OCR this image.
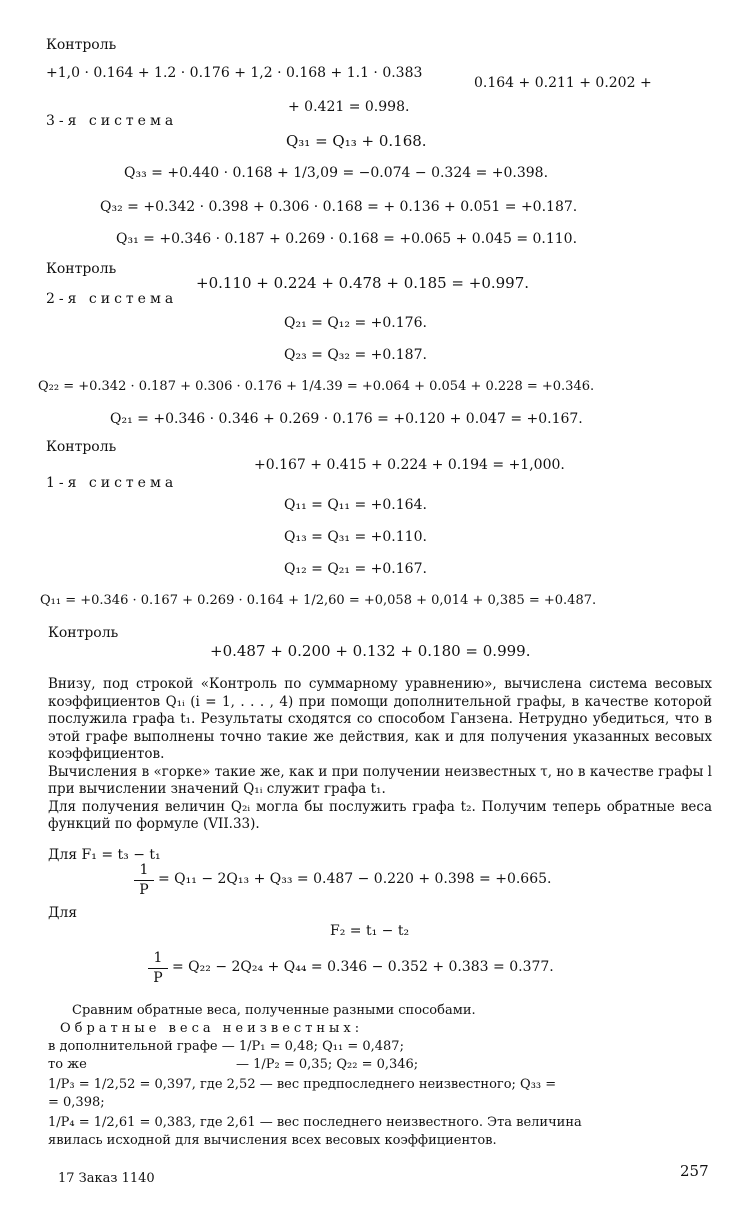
Контроль
+1,0 · 0.164 + 1.2 · 0.176 + 1,2 · 0.168 + 1.1 · 0.383
0.164 + 0.211 + 0.202 +
+ 0.421 = 0.998.
3-я система
Q₃₁ = Q₁₃ + 0.168.
Q₃₃ = +0.440 · 0.168 + 1/3,09 = −0.074 − 0.324 = +0.398.
Q₃₂ = +0.342 · 0.398 + 0.306 · 0.168 = + 0.136 + 0.051 = +0.187.
Q₃₁ = +0.346 · 0.187 + 0.269 · 0.168 = +0.065 + 0.045 = 0.110.
Контроль
+0.110 + 0.224 + 0.478 + 0.185 = +0.997.
2-я система
Q₂₁ = Q₁₂ = +0.176.
Q₂₃ = Q₃₂ = +0.187.
Q₂₂ = +0.342 · 0.187 + 0.306 · 0.176 + 1/4.39 = +0.064 + 0.054 + 0.228 = +0.346.
Q₂₁ = +0.346 · 0.346 + 0.269 · 0.176 = +0.120 + 0.047 = +0.167.
Контроль
+0.167 + 0.415 + 0.224 + 0.194 = +1,000.
1-я система
Q₁₁ = Q₁₁ = +0.164.
Q₁₃ = Q₃₁ = +0.110.
Q₁₂ = Q₂₁ = +0.167.
Q₁₁ = +0.346 · 0.167 + 0.269 · 0.164 + 1/2,60 = +0,058 + 0,014 + 0,385 = +0.487.
Контроль
+0.487 + 0.200 + 0.132 + 0.180 = 0.999.

Внизу, под строкой «Контроль по суммарному уравнению», вычислена система весовых коэффициентов Q₁ᵢ (i = 1, . . . , 4) при помощи дополнительной графы, в качестве которой послужила графа t₁. Результаты сходятся со способом Ганзена. Нетрудно убедиться, что в этой графе выполнены точно такие же действия, как и для получения указанных весовых коэффициентов.

Вычисления в «горке» такие же, как и при получении неизвестных τ, но в качестве графы l при вычислении значений Q₁ᵢ служит графа t₁.

Для получения величин Q₂ᵢ могла бы послужить графа t₂. Получим теперь обратные веса функций по формуле (VII.33).

Для F₁ = t₃ − t₁
1
P
= Q₁₁ − 2Q₁₃ + Q₃₃ = 0.487 − 0.220 + 0.398 = +0.665.
Для
F₂ = t₁ − t₂
1
P
= Q₂₂ − 2Q₂₄ + Q₄₄ = 0.346 − 0.352 + 0.383 = 0.377.
Сравним обратные веса, полученные разными способами.
Обратные веса неизвестных:
в дополнительной графе — 1/P₁ = 0,48; Q₁₁ = 0,487;
то же	— 1/P₂ = 0,35; Q₂₂ = 0,346;
1/P₃ = 1/2,52 = 0,397, где 2,52 — вес предпоследнего неизвестного; Q₃₃ =
= 0,398;
1/P₄ = 1/2,61 = 0,383, где 2,61 — вес последнего неизвестного. Эта величина
явилась исходной для вычисления всех весовых коэффициентов.
17 Заказ 1140	257
